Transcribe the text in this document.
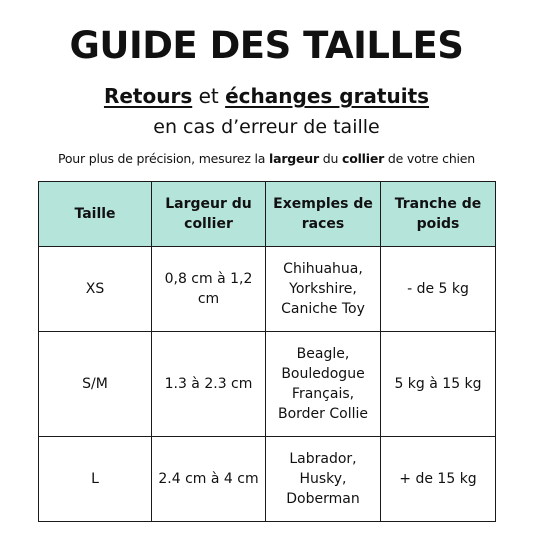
GUIDE DES TAILLES
Retours et échanges gratuits
en cas d’erreur de taille
Pour plus de précision, mesurez la largeur du collier de votre chien
Taille	Largeur du collier	Exemples de races	Tranche de poids
XS	0,8 cm à 1,2 cm	Chihuahua, Yorkshire, Caniche Toy	- de 5 kg
S/M	1.3 à 2.3 cm	Beagle, Bouledogue Français, Border Collie	5 kg à 15 kg
L	2.4 cm à 4 cm	Labrador, Husky, Doberman	+ de 15 kg
